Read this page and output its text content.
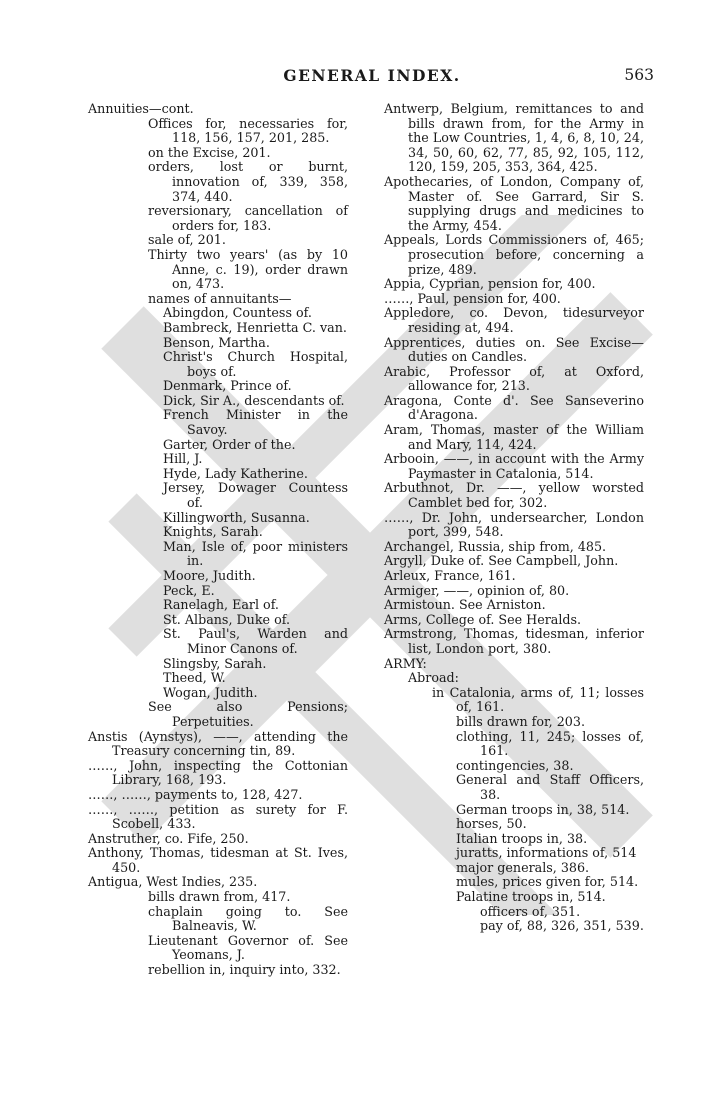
GENERAL INDEX.	563
Annuities—cont.
Offices for, necessaries for, 118, 156, 157, 201, 285.
on the Excise, 201.
orders, lost or burnt, innovation of, 339, 358, 374, 440.
reversionary, cancellation of orders for, 183.
sale of, 201.
Thirty two years' (as by 10 Anne, c. 19), order drawn on, 473.
names of annuitants—
Abingdon, Countess of.
Bambreck, Henrietta C. van.
Benson, Martha.
Christ's Church Hospital, boys of.
Denmark, Prince of.
Dick, Sir A., descendants of.
French Minister in the Savoy.
Garter, Order of the.
Hill, J.
Hyde, Lady Katherine.
Jersey, Dowager Countess of.
Killingworth, Susanna.
Knights, Sarah.
Man, Isle of, poor ministers in.
Moore, Judith.
Peck, E.
Ranelagh, Earl of.
St. Albans, Duke of.
St. Paul's, Warden and Minor Canons of.
Slingsby, Sarah.
Theed, W.
Wogan, Judith.
See also Pensions; Perpetuities.
Anstis (Aynstys), ——, attending the Treasury concerning tin, 89.
……, John, inspecting the Cottonian Library, 168, 193.
……, ……, payments to, 128, 427.
……, ……, petition as surety for F. Scobell, 433.
Anstruther, co. Fife, 250.
Anthony, Thomas, tidesman at St. Ives, 450.
Antigua, West Indies, 235.
bills drawn from, 417.
chaplain going to. See Balneavis, W.
Lieutenant Governor of. See Yeomans, J.
rebellion in, inquiry into, 332.
Antwerp, Belgium, remittances to and bills drawn from, for the Army in the Low Countries, 1, 4, 6, 8, 10, 24, 34, 50, 60, 62, 77, 85, 92, 105, 112, 120, 159, 205, 353, 364, 425.
Apothecaries, of London, Company of, Master of. See Garrard, Sir S. supplying drugs and medicines to the Army, 454.
Appeals, Lords Commissioners of, 465; prosecution before, concerning a prize, 489.
Appia, Cyprian, pension for, 400.
……, Paul, pension for, 400.
Appledore, co. Devon, tidesurveyor residing at, 494.
Apprentices, duties on. See Excise—duties on Candles.
Arabic, Professor of, at Oxford, allowance for, 213.
Aragona, Conte d'. See Sanseverino d'Aragona.
Aram, Thomas, master of the William and Mary, 114, 424.
Arbooin, ——, in account with the Army Paymaster in Catalonia, 514.
Arbuthnot, Dr. ——, yellow worsted Camblet bed for, 302.
……, Dr. John, undersearcher, London port, 399, 548.
Archangel, Russia, ship from, 485.
Argyll, Duke of. See Campbell, John.
Arleux, France, 161.
Armiger, ——, opinion of, 80.
Armistoun. See Arniston.
Arms, College of. See Heralds.
Armstrong, Thomas, tidesman, inferior list, London port, 380.
ARMY:
Abroad:
in Catalonia, arms of, 11; losses of, 161.
bills drawn for, 203.
clothing, 11, 245; losses of, 161.
contingencies, 38.
General and Staff Officers, 38.
German troops in, 38, 514.
horses, 50.
Italian troops in, 38.
juratts, informations of, 514
major generals, 386.
mules, prices given for, 514.
Palatine troops in, 514.
officers of, 351.
pay of, 88, 326, 351, 539.
